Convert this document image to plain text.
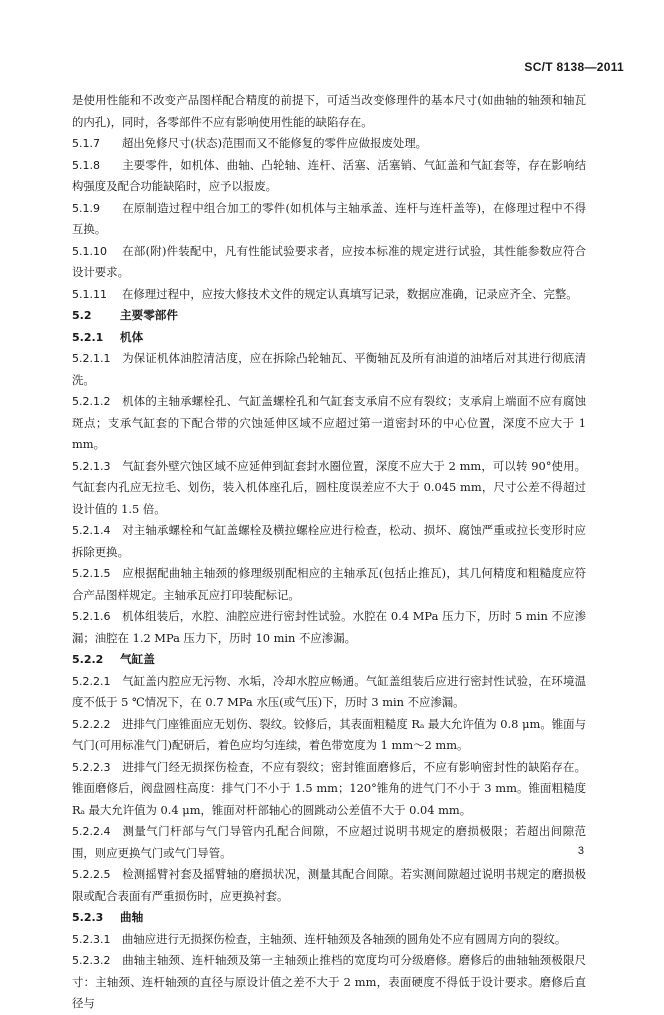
SC/T 8138—2011

是使用性能和不改变产品图样配合精度的前提下，可适当改变修理件的基本尺寸(如曲轴的轴颈和轴瓦的内孔)，同时，各零部件不应有影响使用性能的缺陷存在。

5.1.7 超出免修尺寸(状态)范围而又不能修复的零件应做报废处理。

5.1.8 主要零件，如机体、曲轴、凸轮轴、连杆、活塞、活塞销、气缸盖和气缸套等，存在影响结构强度及配合功能缺陷时，应予以报废。

5.1.9 在原制造过程中组合加工的零件(如机体与主轴承盖、连杆与连杆盖等)，在修理过程中不得互换。

5.1.10 在部(附)件装配中，凡有性能试验要求者，应按本标准的规定进行试验，其性能参数应符合设计要求。

5.1.11 在修理过程中，应按大修技术文件的规定认真填写记录，数据应准确，记录应齐全、完整。

5.2 主要零部件

5.2.1 机体

5.2.1.1 为保证机体油腔清洁度，应在拆除凸轮轴瓦、平衡轴瓦及所有油道的油堵后对其进行彻底清洗。

5.2.1.2 机体的主轴承螺栓孔、气缸盖螺栓孔和气缸套支承肩不应有裂纹；支承肩上端面不应有腐蚀斑点；支承气缸套的下配合带的穴蚀延伸区域不应超过第一道密封环的中心位置，深度不应大于 1 mm。

5.2.1.3 气缸套外壁穴蚀区域不应延伸到缸套封水圈位置，深度不应大于 2 mm，可以转 90°使用。气缸套内孔应无拉毛、划伤，装入机体座孔后，圆柱度误差应不大于 0.045 mm，尺寸公差不得超过设计值的 1.5 倍。

5.2.1.4 对主轴承螺栓和气缸盖螺栓及横拉螺栓应进行检查，松动、损坏、腐蚀严重或拉长变形时应拆除更换。

5.2.1.5 应根据配曲轴主轴颈的修理级别配相应的主轴承瓦(包括止推瓦)，其几何精度和粗糙度应符合产品图样规定。主轴承瓦应打印装配标记。

5.2.1.6 机体组装后，水腔、油腔应进行密封性试验。水腔在 0.4 MPa 压力下，历时 5 min 不应渗漏；油腔在 1.2 MPa 压力下，历时 10 min 不应渗漏。

5.2.2 气缸盖

5.2.2.1 气缸盖内腔应无污物、水垢，冷却水腔应畅通。气缸盖组装后应进行密封性试验，在环境温度不低于 5 ℃情况下，在 0.7 MPa 水压(或气压)下，历时 3 min 不应渗漏。

5.2.2.2 进排气门座锥面应无划伤、裂纹。铰修后，其表面粗糙度 Rₐ 最大允许值为 0.8 μm。锥面与气门(可用标准气门)配研后，着色应均匀连续，着色带宽度为 1 mm～2 mm。

5.2.2.3 进排气门经无损探伤检查，不应有裂纹；密封锥面磨修后，不应有影响密封性的缺陷存在。锥面磨修后，阀盘圆柱高度：排气门不小于 1.5 mm；120°锥角的进气门不小于 3 mm。锥面粗糙度 Rₐ 最大允许值为 0.4 μm，锥面对杆部轴心的圆跳动公差值不大于 0.04 mm。

5.2.2.4 测量气门杆部与气门导管内孔配合间隙，不应超过说明书规定的磨损极限；若超出间隙范围，则应更换气门或气门导管。

5.2.2.5 检测摇臂衬套及摇臂轴的磨损状况，测量其配合间隙。若实测间隙超过说明书规定的磨损极限或配合表面有严重损伤时，应更换衬套。

5.2.3 曲轴

5.2.3.1 曲轴应进行无损探伤检查，主轴颈、连杆轴颈及各轴颈的圆角处不应有圆周方向的裂纹。

5.2.3.2 曲轴主轴颈、连杆轴颈及第一主轴颈止推档的宽度均可分级磨修。磨修后的曲轴轴颈极限尺寸：主轴颈、连杆轴颈的直径与原设计值之差不大于 2 mm，表面硬度不得低于设计要求。磨修后直径与

3
